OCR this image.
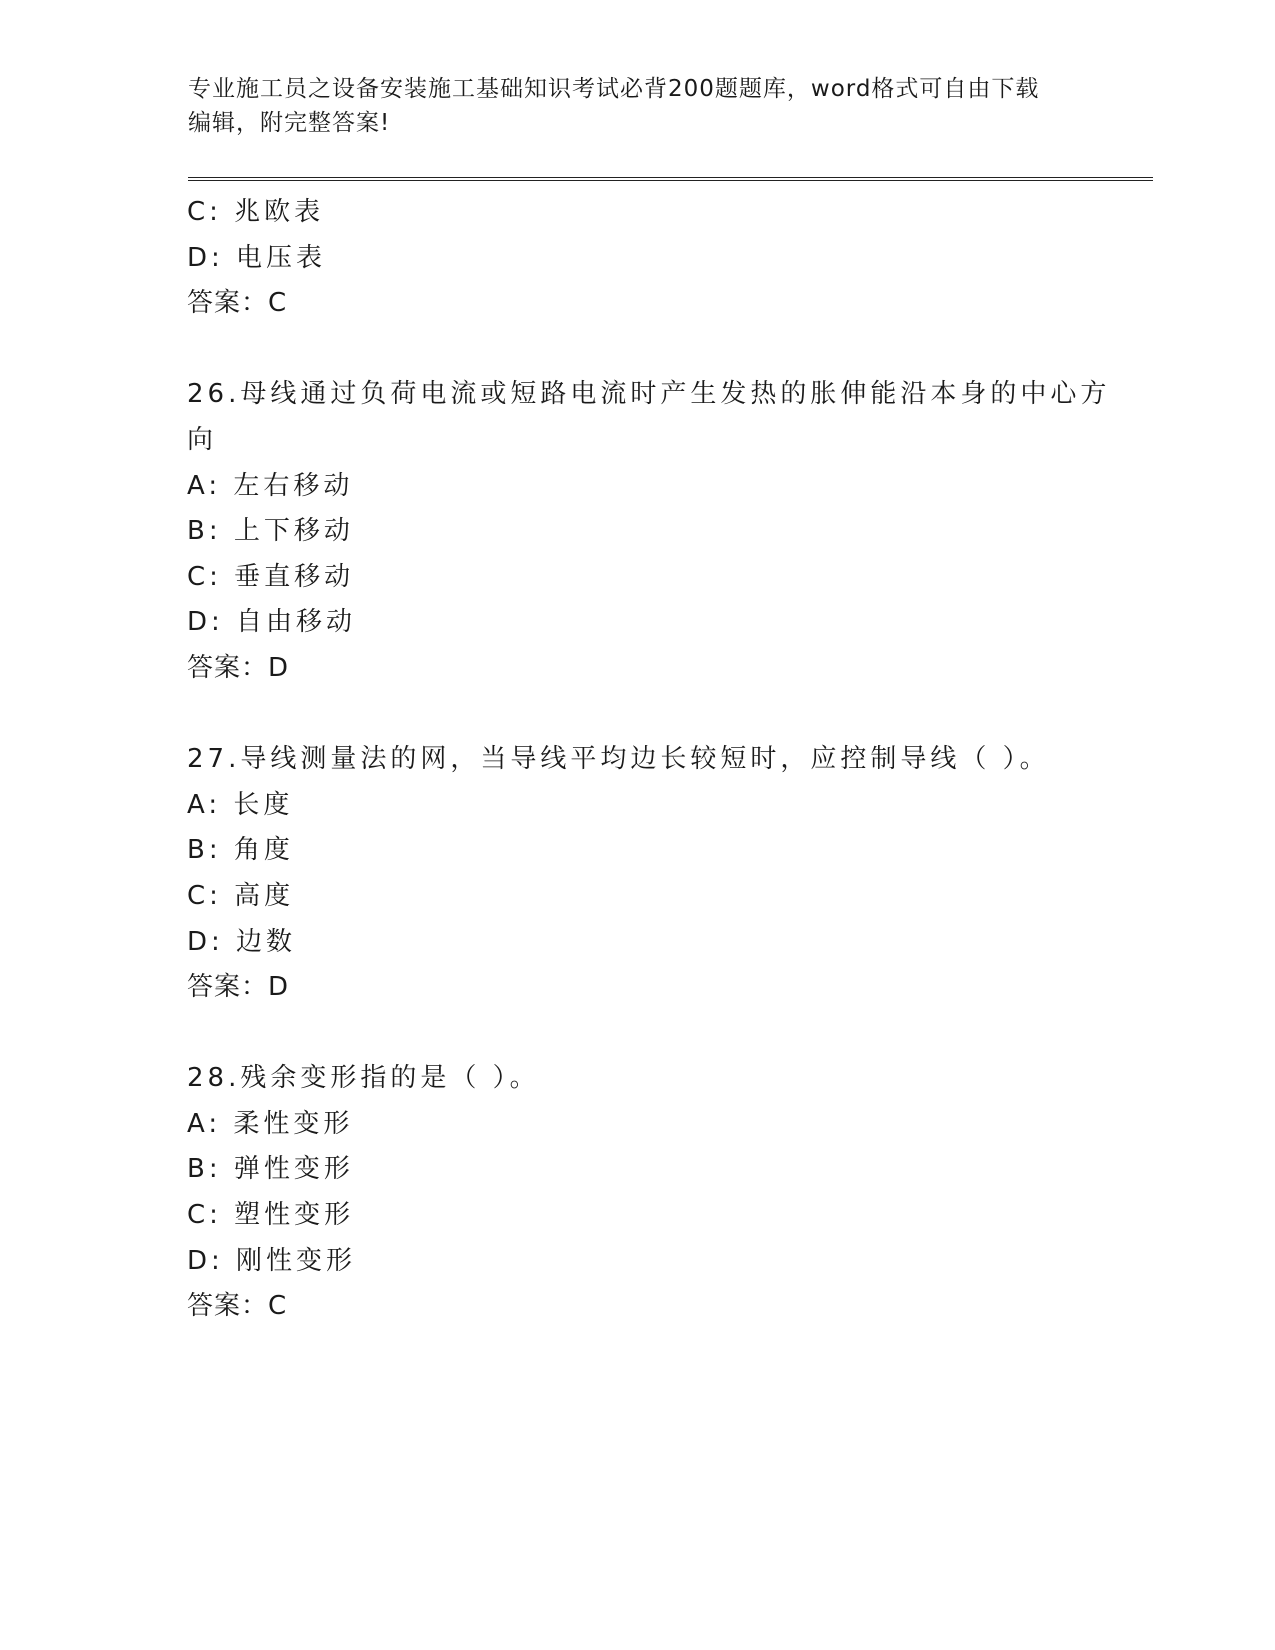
专业施工员之设备安装施工基础知识考试必背200题题库，word格式可自由下载
编辑，附完整答案!
C: 兆欧表
D: 电压表
答案：C
26.母线通过负荷电流或短路电流时产生发热的胀伸能沿本身的中心方
向
A: 左右移动
B: 上下移动
C: 垂直移动
D: 自由移动
答案：D
27.导线测量法的网，当导线平均边长较短时，应控制导线（ ）。
A: 长度
B: 角度
C: 高度
D: 边数
答案：D
28.残余变形指的是（ ）。
A: 柔性变形
B: 弹性变形
C: 塑性变形
D: 刚性变形
答案：C
